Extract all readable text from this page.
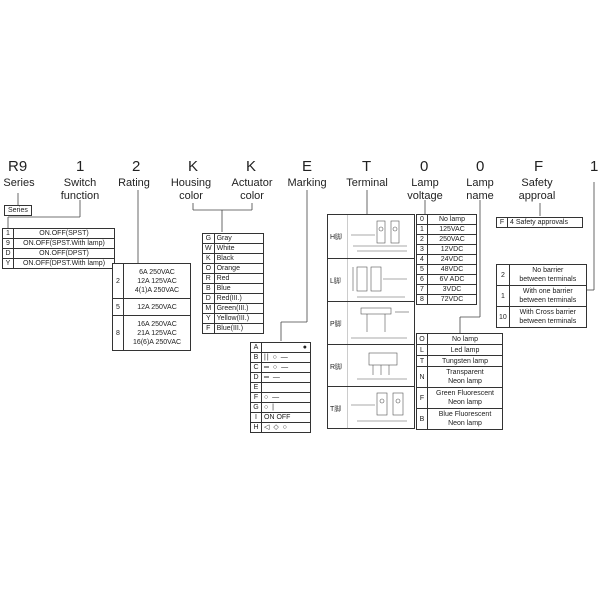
R9	1	2	K	K	E	T	0	0	F	1
Series	Switch
function
Rating	Housing
color
Actuator
color
Marking	Terminal	Lamp
voltage
Lamp
name
Safety
approal
Series
1	ON.OFF(SPST)
9	ON.OFF(SPST.With lamp)
D	ON.OFF(DPST)
Y	ON.OFF(DPST.With lamp)
2	6A 250VAC
12A 125VAC
4(1)A 250VAC

5	12A 250VAC
8	16A 250VAC
21A 125VAC
16(6)A 250VAC
G	Gray
W	White
K	Black
O	Orange
R	Red
B	Blue
D	Red(III.)
M	Green(III.)
Y	Yellow(III.)
F	Blue(III.)
A	●
B	|| ○ —
C	═ ○ —
D	═ —
E	
F	○ —
G	○ |
I	ON OFF
H	◁ ◇ ○
H脚
L脚
P脚
R脚
T脚
0	No lamp
1	125VAC
2	250VAC
3	12VDC
4	24VDC
5	48VDC
6	6V ADC
7	3VDC
8	72VDC
O	No lamp
L	Led lamp
T	Tungsten lamp
N	Transparent
Neon lamp

F	Green Fluorescent
Neon lamp

B	Blue Fluorescent
Neon lamp
F	4 Safety approvals
2	No barrier
between terminals

1	With one barrier
between terminals

10	With Cross barrier
between terminals
